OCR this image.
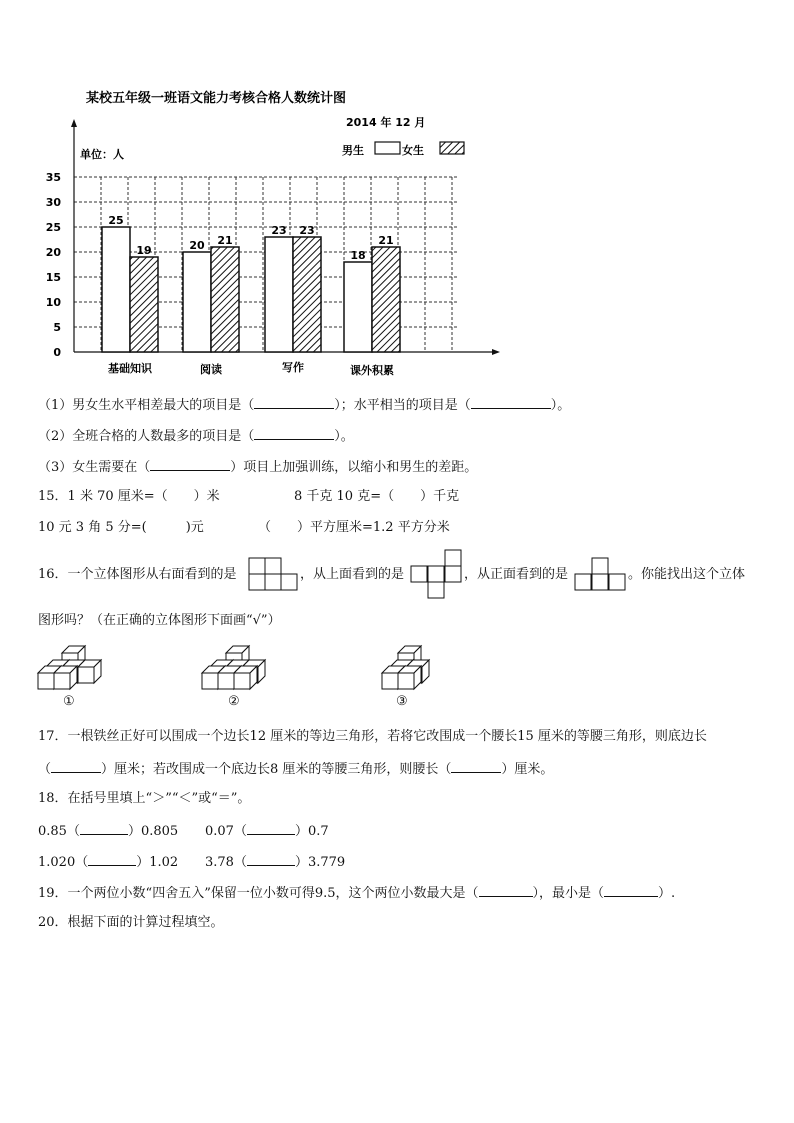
某校五年级一班语文能力考核合格人数统计图
2014 年 12 月
单位：人	男生	女生
0
5
10
15
20
25
30
35
25
20
23
18
19
21
23
21
基础知识	阅读	写作	课外积累
（1）男女生水平相差最大的项目是（	）；水平相当的项目是（	）。
（2）全班合格的人数最多的项目是（	）。
（3）女生需要在（	）项目上加强训练，以缩小和男生的差距。
15．1 米 70 厘米=（　　）米	8 千克 10 克=（　　）千克
10 元 3 角 5 分=(　　　)元	（　　）平方厘米=1.2 平方分米
16．一个立体图形从右面看到的是	，从上面看到的是	，从正面看到的是	。你能找出这个立体
图形吗？（在正确的立体图形下面画“√”）
①	②	③
17．一根铁丝正好可以围成一个边长12 厘米的等边三角形，若将它改围成一个腰长15 厘米的等腰三角形，则底边长
（	）厘米；若改围成一个底边长8 厘米的等腰三角形，则腰长（	）厘米。
18．在括号里填上“＞”“＜”或“＝”。
0.85（	）0.805 0.07（	）0.7
1.020（	）1.02 3.78（	）3.779
19．一个两位小数“四舍五入”保留一位小数可得9.5，这个两位小数最大是（	），最小是（	）.
20．根据下面的计算过程填空。
